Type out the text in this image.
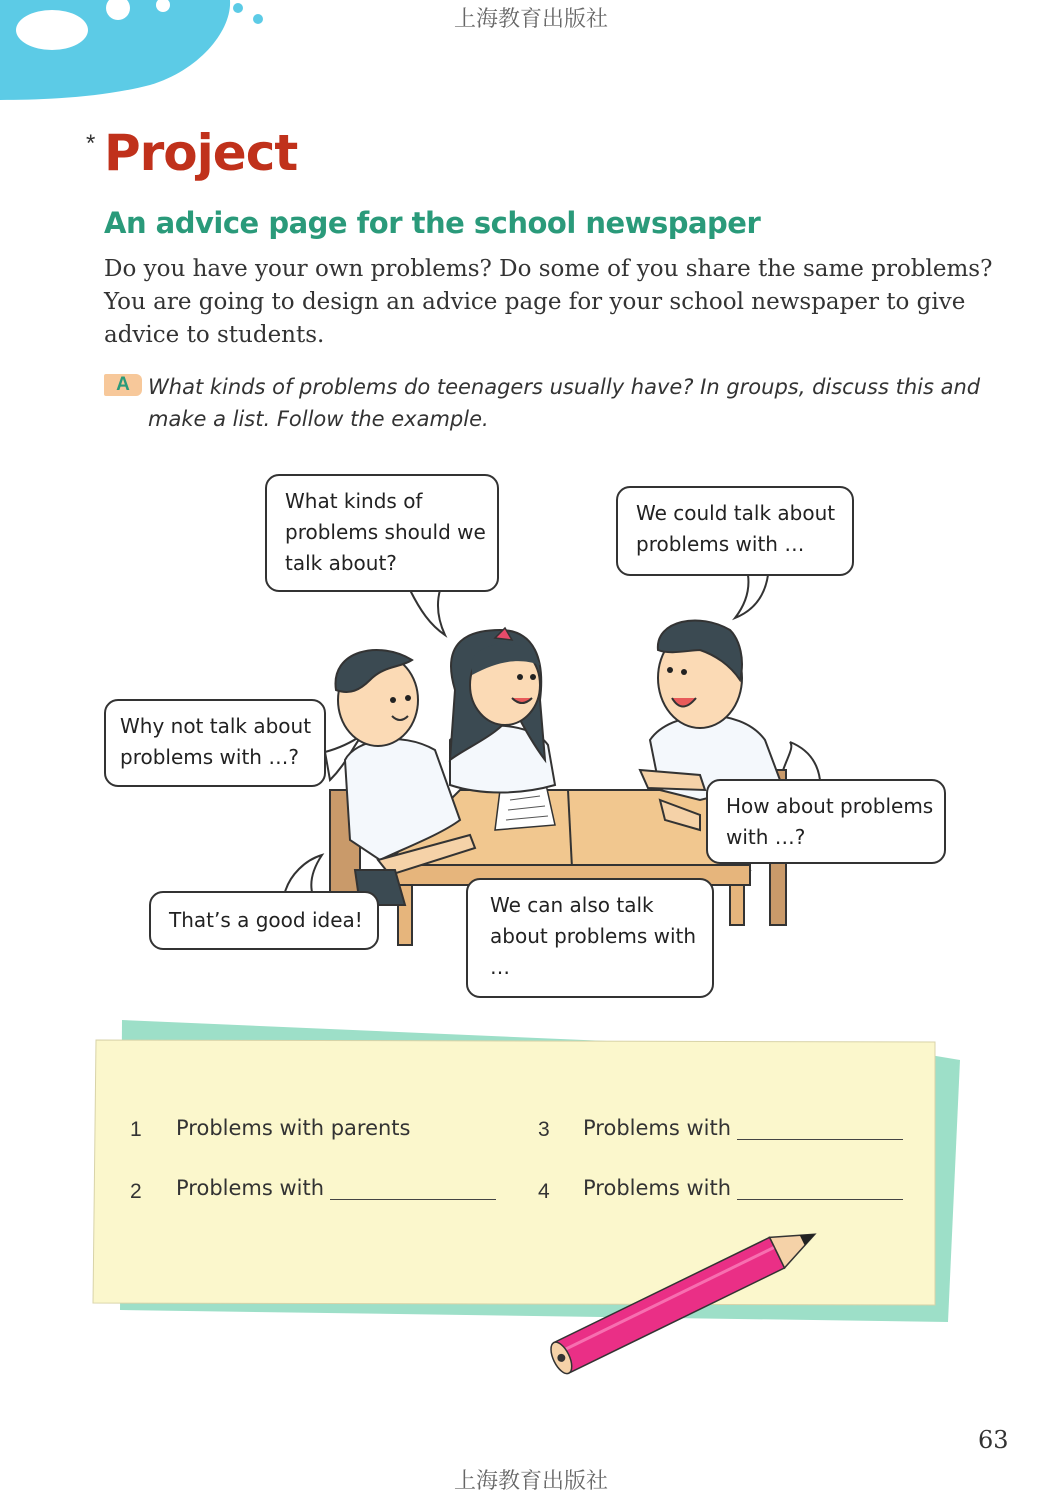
上海教育出版社
* Project
An advice page for the school newspaper
Do you have your own problems? Do some of you share the same problems?
You are going to design an advice page for your school newspaper to give
advice to students.
A What kinds of problems do teenagers usually have? In groups, discuss this and
make a list. Follow the example.
What kinds of
problems should we
talk about?
We could talk about
problems with …
Why not talk about
problems with …?
How about problems
with …?
That’s a good idea!
We can also talk
about problems with
…
1 Problems with parents
2 Problems with
3 Problems with
4 Problems with
63
上海教育出版社
